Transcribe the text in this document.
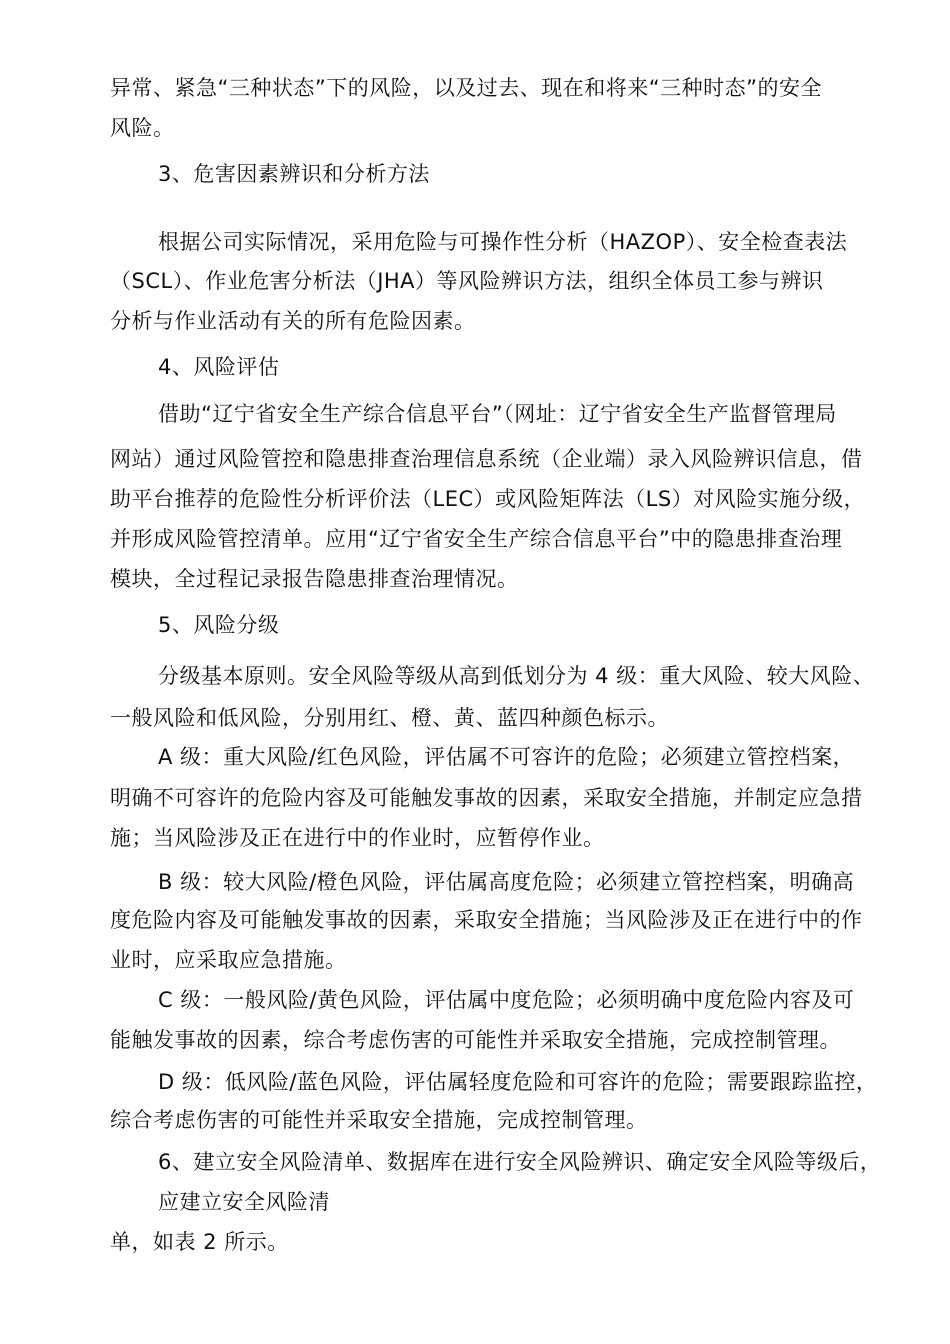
异常、紧急“三种状态”下的风险，以及过去、现在和将来“三种时态”的安全

风险。

3、危害因素辨识和分析方法

根据公司实际情况，采用危险与可操作性分析（HAZOP）、安全检查表法

（SCL）、作业危害分析法（JHA）等风险辨识方法，组织全体员工参与辨识

分析与作业活动有关的所有危险因素。

4、风险评估

借助“辽宁省安全生产综合信息平台”（网址：辽宁省安全生产监督管理局

网站）通过风险管控和隐患排查治理信息系统（企业端）录入风险辨识信息，借

助平台推荐的危险性分析评价法（LEC）或风险矩阵法（LS）对风险实施分级，

并形成风险管控清单。应用“辽宁省安全生产综合信息平台”中的隐患排查治理

模块，全过程记录报告隐患排查治理情况。

5、风险分级

分级基本原则。安全风险等级从高到低划分为 4 级：重大风险、较大风险、

一般风险和低风险，分别用红、橙、黄、蓝四种颜色标示。

A 级：重大风险/红色风险，评估属不可容许的危险；必须建立管控档案，

明确不可容许的危险内容及可能触发事故的因素，采取安全措施，并制定应急措

施；当风险涉及正在进行中的作业时，应暂停作业。

B 级：较大风险/橙色风险，评估属高度危险；必须建立管控档案，明确高

度危险内容及可能触发事故的因素，采取安全措施；当风险涉及正在进行中的作

业时，应采取应急措施。

C 级：一般风险/黄色风险，评估属中度危险；必须明确中度危险内容及可

能触发事故的因素，综合考虑伤害的可能性并采取安全措施，完成控制管理。

D 级：低风险/蓝色风险，评估属轻度危险和可容许的危险；需要跟踪监控，

综合考虑伤害的可能性并采取安全措施，完成控制管理。

6、建立安全风险清单、数据库在进行安全风险辨识、确定安全风险等级后，

应建立安全风险清

单，如表 2 所示。
